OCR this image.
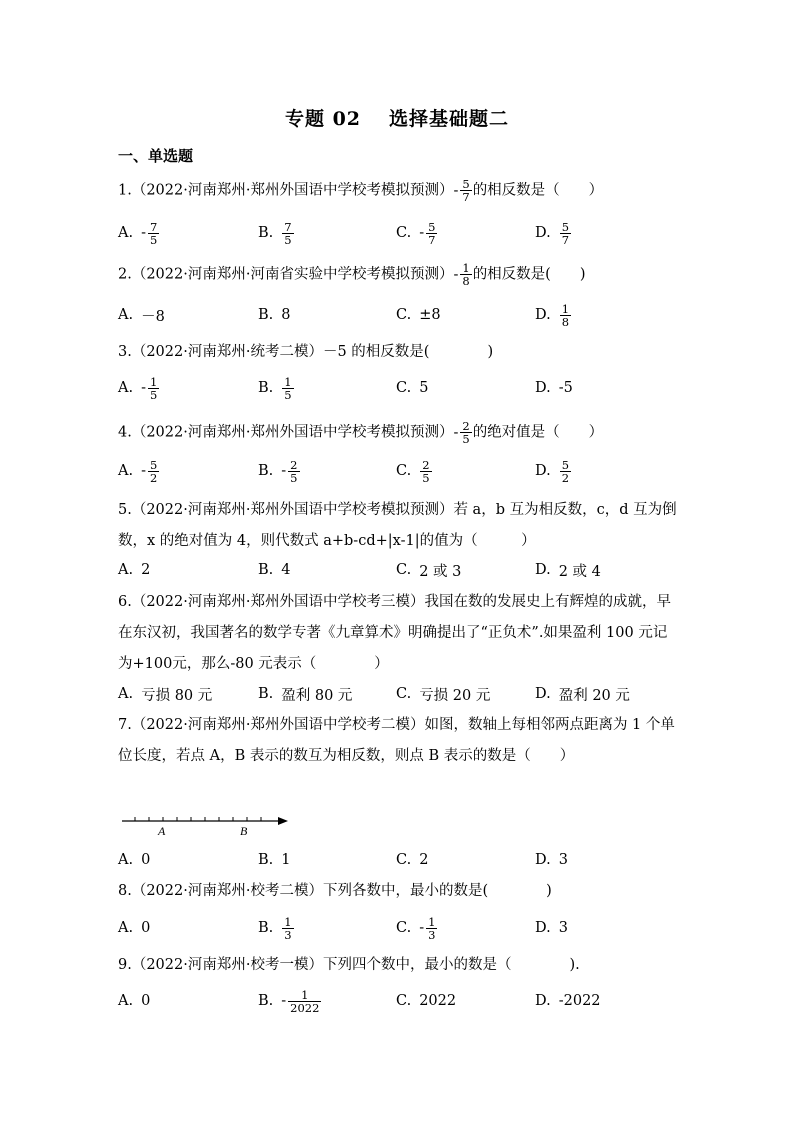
专题 02 选择基础题二
一、单选题
1.（2022·河南郑州·郑州外国语中学校考模拟预测）- $\frac{5}{7}$ 的相反数是（　　）
A. - $\frac{7}{5}$	B. $\frac{7}{5}$	C. - $\frac{5}{7}$	D. $\frac{5}{7}$
2.（2022·河南郑州·河南省实验中学校考模拟预测）- $\frac{1}{8}$ 的相反数是(　　)
A. －8	B. 8	C. ±8	D. $\frac{1}{8}$
3.（2022·河南郑州·统考二模）－5 的相反数是(　　　　)
A. - $\frac{1}{5}$	B. $\frac{1}{5}$	C. 5	D. -5
4.（2022·河南郑州·郑州外国语中学校考模拟预测）- $\frac{2}{5}$ 的绝对值是（　　）
A. - $\frac{5}{2}$	B. - $\frac{2}{5}$	C. $\frac{2}{5}$	D. $\frac{5}{2}$
5.（2022·河南郑州·郑州外国语中学校考模拟预测）若 a，b 互为相反数，c，d 互为倒数，x 的绝对值为 4，则代数式 a+b-cd+|x-1|的值为（　　　）
A. 2	B. 4	C. 2 或 3	D. 2 或 4
6.（2022·河南郑州·郑州外国语中学校考三模）我国在数的发展史上有辉煌的成就，早在东汉初，我国著名的数学专著《九章算术》明确提出了“正负术”.如果盈利 100 元记为+100元，那么-80 元表示（　　　　）
A. 亏损 80 元	B. 盈利 80 元	C. 亏损 20 元	D. 盈利 20 元
7.（2022·河南郑州·郑州外国语中学校考二模）如图，数轴上每相邻两点距离为 1 个单位长度，若点 A，B 表示的数互为相反数，则点 B 表示的数是（　　）
A	B
A. 0	B. 1	C. 2	D. 3
8.（2022·河南郑州·校考二模）下列各数中，最小的数是(　　　　)
A. 0	B. $\frac{1}{3}$	C. - $\frac{1}{3}$	D. 3
9.（2022·河南郑州·校考一模）下列四个数中，最小的数是（　　　　).
A. 0	B. - $\frac{1}{2022}$	C. 2022	D. -2022
